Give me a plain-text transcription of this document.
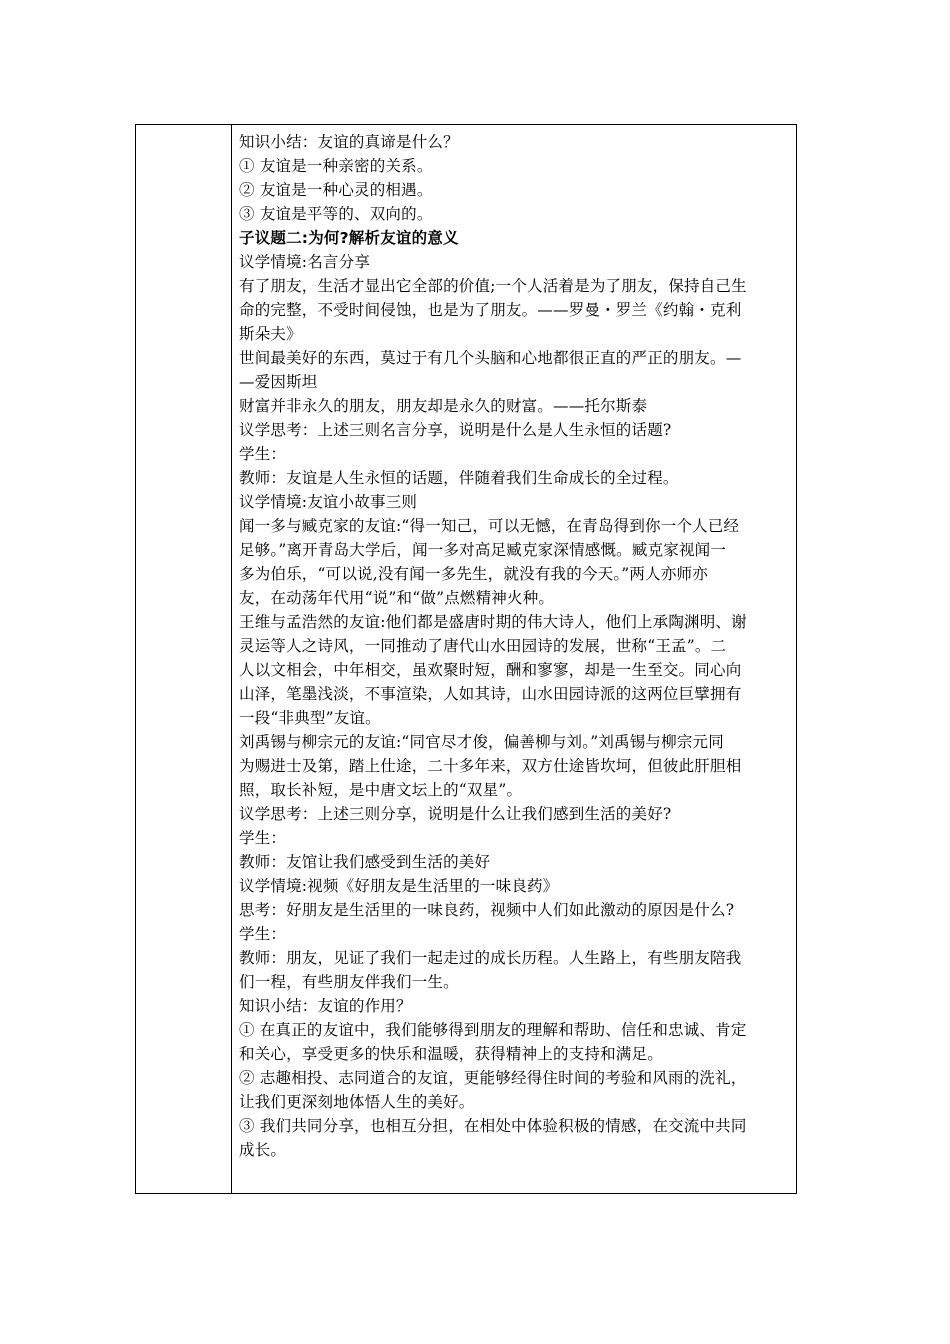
知识小结：友谊的真谛是什么？
① 友谊是一种亲密的关系。
② 友谊是一种心灵的相遇。
③ 友谊是平等的、双向的。
子议题二:为何?解析友谊的意义
议学情境:名言分享
有了朋友，生活才显出它全部的价值;一个人活着是为了朋友，保持自己生
命的完整，不受时间侵蚀，也是为了朋友。——罗曼・罗兰《约翰・克利
斯朵夫》
世间最美好的东西，莫过于有几个头脑和心地都很正直的严正的朋友。—
—爱因斯坦
财富并非永久的朋友，朋友却是永久的财富。——托尔斯泰
议学思考：上述三则名言分享，说明是什么是人生永恒的话题?
学生：
教师：友谊是人生永恒的话题，伴随着我们生命成长的全过程。
议学情境:友谊小故事三则
闻一多与臧克家的友谊:“得一知己，可以无憾，在青岛得到你一个人已经
足够。”离开青岛大学后，闻一多对高足臧克家深情感慨。臧克家视闻一
多为伯乐，“可以说,没有闻一多先生，就没有我的今天。”两人亦师亦
友，在动荡年代用“说”和“做”点燃精神火种。
王维与孟浩然的友谊:他们都是盛唐时期的伟大诗人，他们上承陶渊明、谢
灵运等人之诗风，一同推动了唐代山水田园诗的发展，世称“王孟”。二
人以文相会，中年相交，虽欢聚时短，酬和寥寥，却是一生至交。同心向
山泽，笔墨浅淡，不事渲染，人如其诗，山水田园诗派的这两位巨擘拥有
一段“非典型”友谊。
刘禹锡与柳宗元的友谊:“同官尽才俊，偏善柳与刘。”刘禹锡与柳宗元同
为赐进士及第，踏上仕途，二十多年来，双方仕途皆坎坷，但彼此肝胆相
照，取长补短，是中唐文坛上的“双星”。
议学思考：上述三则分享，说明是什么让我们感到生活的美好?
学生：
教师：友馆让我们感受到生活的美好
议学情境:视频《好朋友是生活里的一味良药》
思考：好朋友是生活里的一味良药，视频中人们如此激动的原因是什么?
学生：
教师：朋友，见证了我们一起走过的成长历程。人生路上，有些朋友陪我
们一程，有些朋友伴我们一生。
知识小结：友谊的作用？
① 在真正的友谊中，我们能够得到朋友的理解和帮助、信任和忠诚、肯定
和关心，享受更多的快乐和温暖，获得精神上的支持和满足。
② 志趣相投、志同道合的友谊，更能够经得住时间的考验和风雨的洗礼，
让我们更深刻地体悟人生的美好。
③ 我们共同分享，也相互分担，在相处中体验积极的情感，在交流中共同
成长。
